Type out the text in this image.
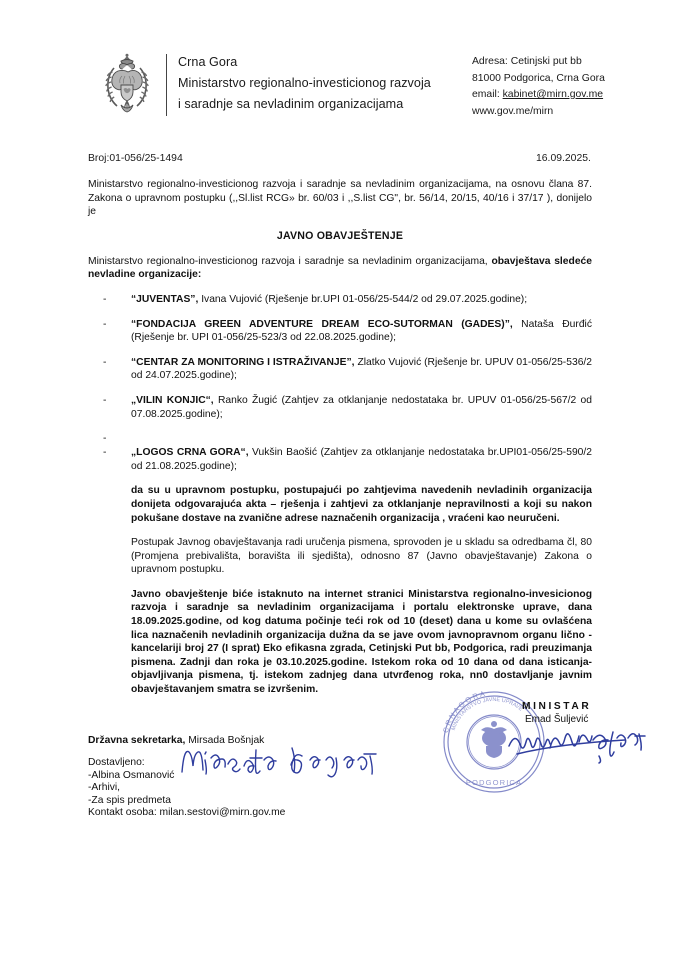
Crna Gora
Ministarstvo regionalno-investicionog razvoja
i saradnje sa nevladinim organizacijama
Adresa: Cetinjski put bb
81000 Podgorica, Crna Gora
email: kabinet@mirn.gov.me
www.gov.me/mirn
Broj:01-056/25-1494	16.09.2025.

Ministarstvo regionalno-investicionog razvoja i saradnje sa nevladinim organizacijama, na osnovu člana 87. Zakona o upravnom postupku (,,Sl.list RCG» br. 60/03 i ,,S.list CG", br. 56/14, 20/15, 40/16 i 37/17 ), donijelo je

JAVNO OBAVJEŠTENJE

Ministarstvo regionalno-investicionog razvoja i saradnje sa nevladinim organizacijama, obavještava sledeće nevladine organizacije:

- “JUVENTAS”, Ivana Vujović (Rješenje br.UPI 01-056/25-544/2 od 29.07.2025.godine);
- “FONDACIJA GREEN ADVENTURE DREAM ECO-SUTORMAN (GADES)”, Nataša Đurđić (Rješenje br. UPI 01-056/25-523/3 od 22.08.2025.godine);
- “CENTAR ZA MONITORING I ISTRAŽIVANJE”, Zlatko Vujović (Rješenje br. UPUV 01-056/25-536/2 od 24.07.2025.godine);
- „VILIN KONJIC“, Ranko Žugić (Zahtjev za otklanjanje nedostataka br. UPUV 01-056/25-567/2 od 07.08.2025.godine);
-
- „LOGOS CRNA GORA“, Vukšin Baošić (Zahtjev za otklanjanje nedostataka br.UPI01-056/25-590/2 od 21.08.2025.godine);

da su u upravnom postupku, postupajući po zahtjevima navedenih nevladinih organizacija donijeta odgovarajuća akta – rješenja i zahtjevi za otklanjanje nepravilnosti a koji su nakon pokušane dostave na zvanične adrese naznačenih organizacija , vraćeni kao neuručeni.

Postupak Javnog obavještavanja radi uručenja pismena, sprovoden je u skladu sa odredbama čl, 80 (Promjena prebivališta, boravišta ili sjedišta), odnosno 87 (Javno obavještavanje) Zakona o upravnom postupku.

Javno obavještenje biće istaknuto na internet stranici Ministarstva regionalno-invesicionog razvoja i saradnje sa nevladinim organizacijama i portalu elektronske uprave, dana 18.09.2025.godine, od kog datuma počinje teći rok od 10 (deset) dana u kome su ovlašćena lica naznačenih nevladinih organizacija dužna da se jave ovom javnopravnom organu lično - kancelariji broj 27 (I sprat) Eko efikasna zgrada, Cetinjski Put bb, Podgorica, radi preuzimanja pismena. Zadnji dan roka je 03.10.2025.godine. Istekom roka od 10 dana od dana isticanja-objavljivanja pismena, tj. istekom zadnjeg dana utvrđenog roka, nn0 dostavljanje javnim obavještavanjem smatra se izvršenim.

C R N A G O R A
MINISTARSTVO JAVNE UPRAVE
PODGORICA
MINISTAR
Emad Šuljević
Državna sekretarka, Mirsada Bošnjak
Dostavljeno:
-Albina Osmanović
-Arhivi,
-Za spis predmeta
Kontakt osoba: milan.sestovi@mirn.gov.me
